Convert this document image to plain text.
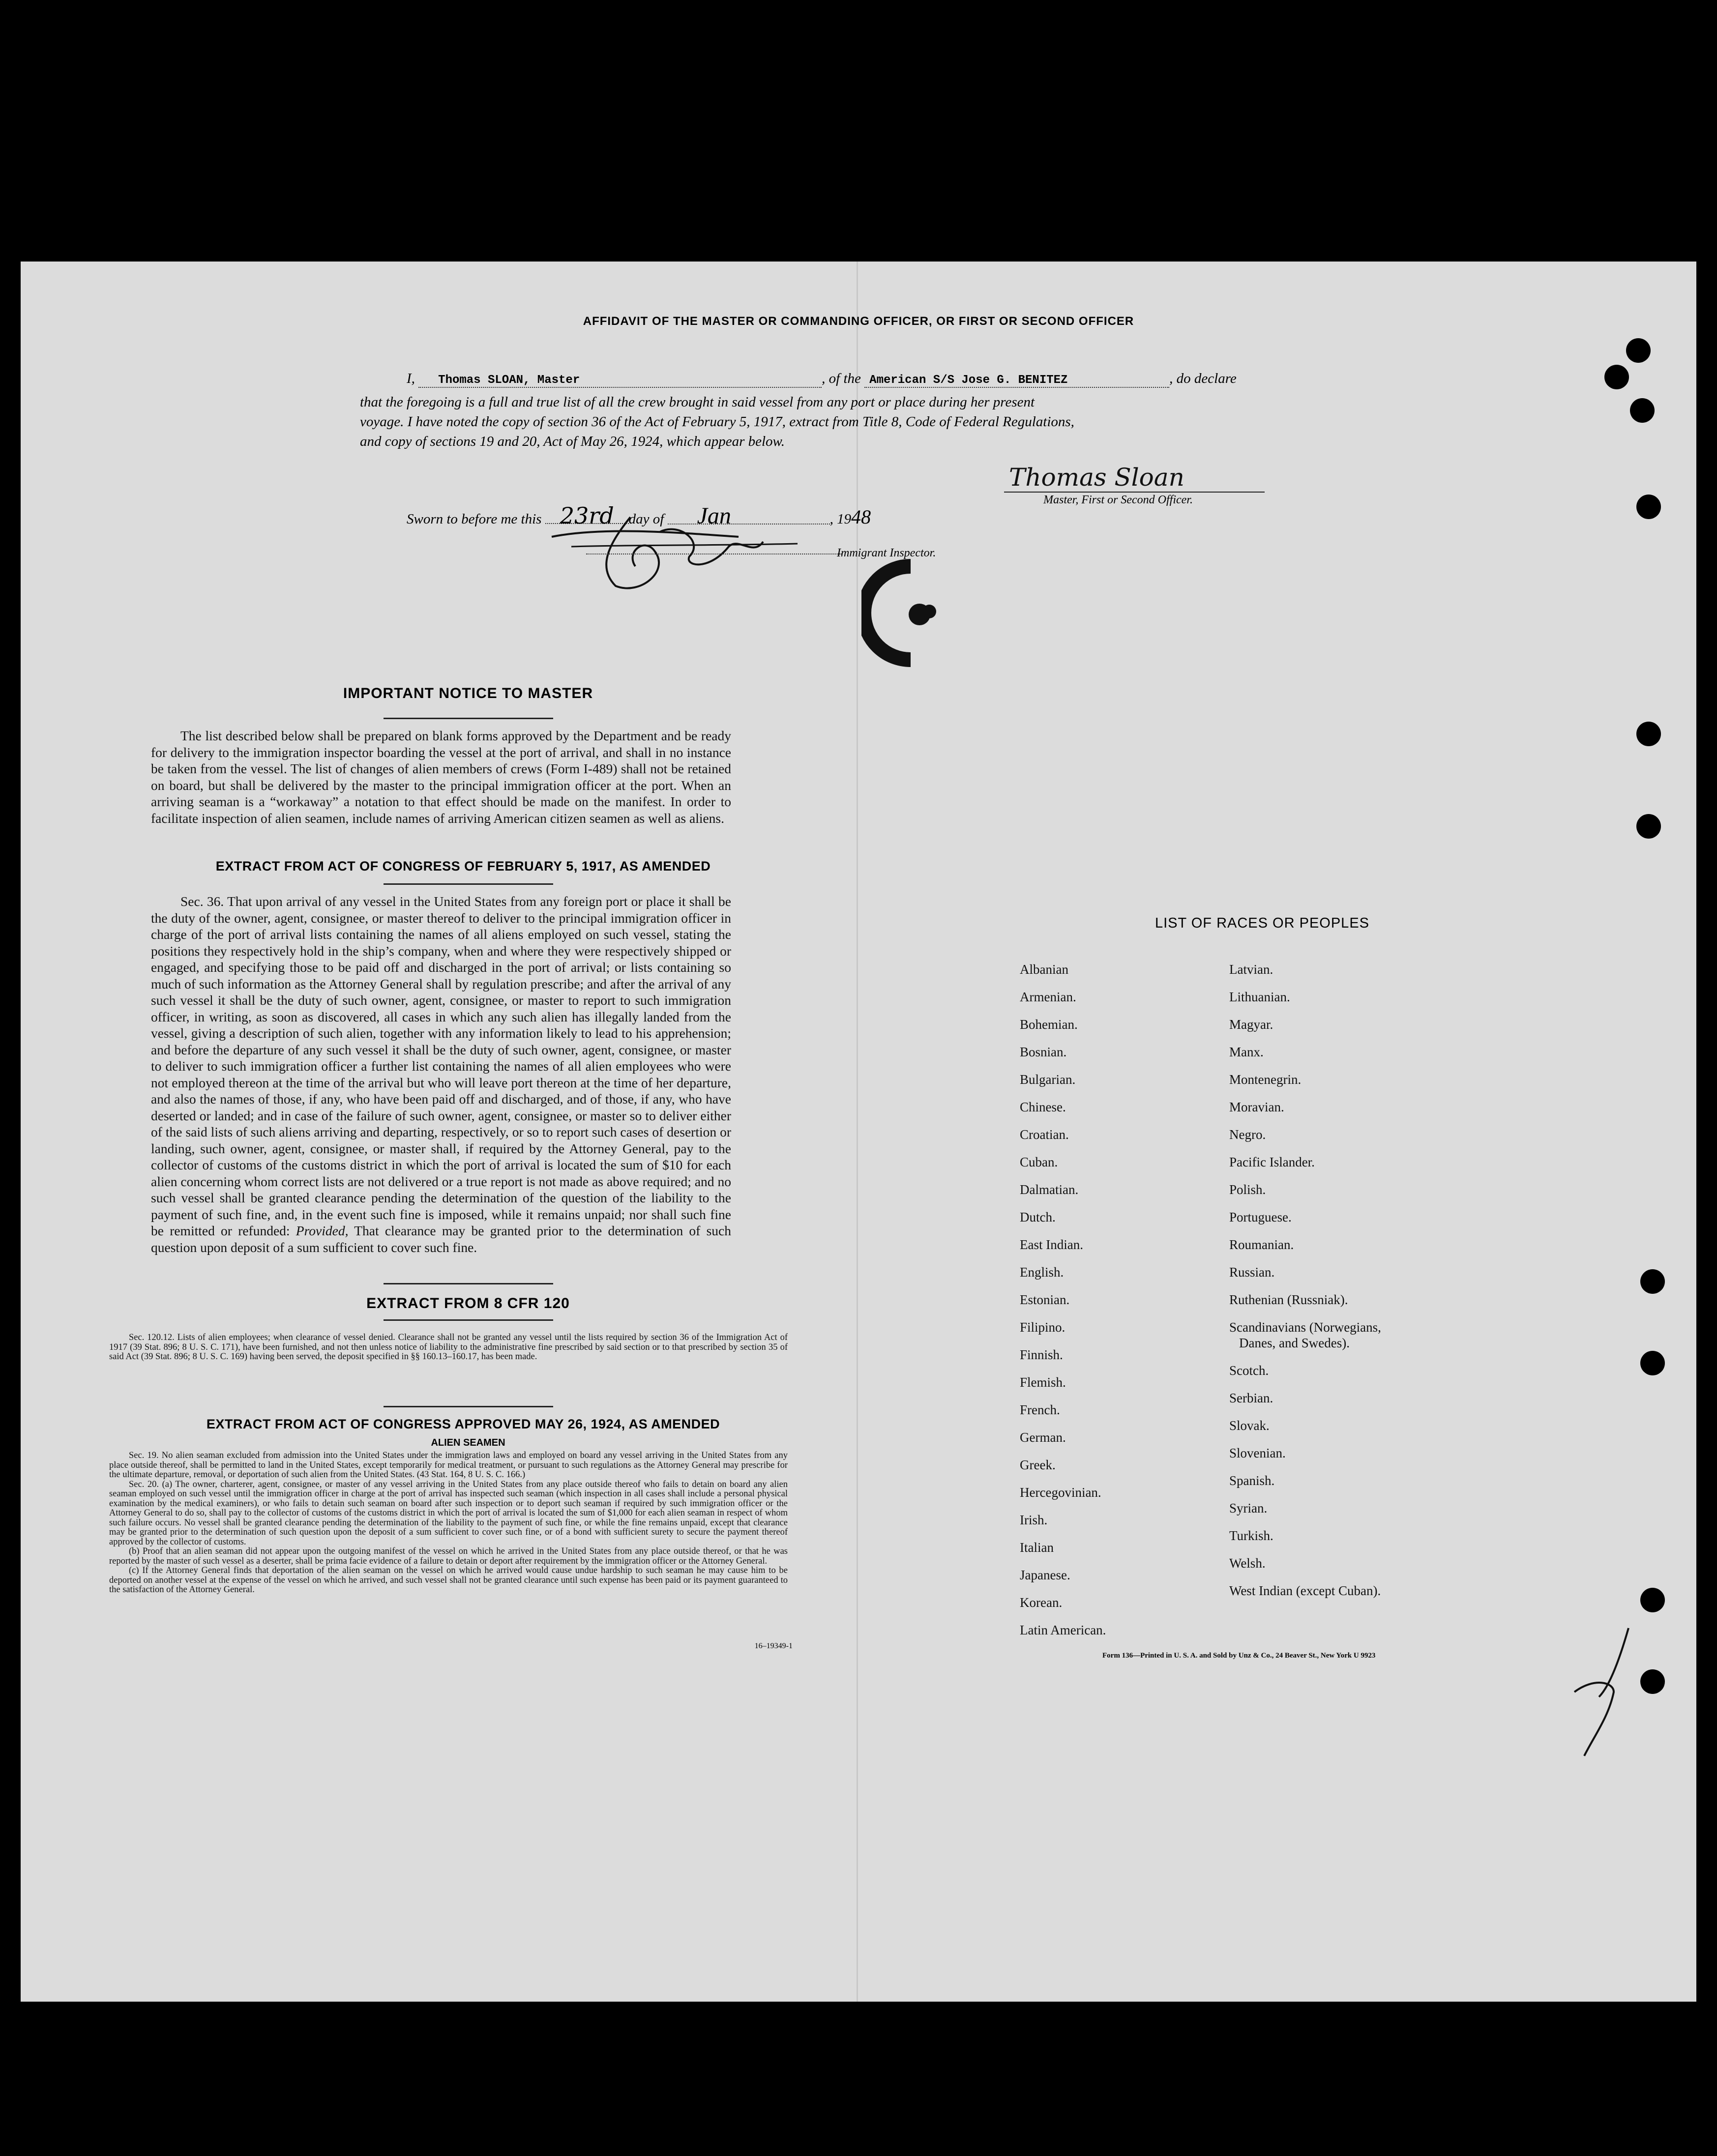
AFFIDAVIT OF THE MASTER OR COMMANDING OFFICER, OR FIRST OR SECOND OFFICER
I, Thomas SLOAN, Master	, of the American S/S Jose G. BENITEZ	, do declare
that the foregoing is a full and true list of all the crew brought in said vessel from any port or place during her present
voyage. I have noted the copy of section 36 of the Act of February 5, 1917, extract from Title 8, Code of Federal Regulations,
and copy of sections 19 and 20, Act of May 26, 1924, which appear below.
Sworn to before me this 23rd day of Jan	, 1948
Thomas Sloan
Master, First or Second Officer.
Immigrant Inspector.
IMPORTANT NOTICE TO MASTER
The list described below shall be prepared on blank forms approved by the Department and be ready for delivery to the immigration inspector boarding the vessel at the port of arrival, and shall in no instance be taken from the vessel. The list of changes of alien members of crews (Form I-489) shall not be retained on board, but shall be delivered by the master to the principal immigration officer at the port. When an arriving seaman is a “workaway” a notation to that effect should be made on the manifest. In order to facilitate inspection of alien seamen, include names of arriving American citizen seamen as well as aliens.
EXTRACT FROM ACT OF CONGRESS OF FEBRUARY 5, 1917, AS AMENDED
Sec. 36. That upon arrival of any vessel in the United States from any foreign port or place it shall be the duty of the owner, agent, consignee, or master thereof to deliver to the principal immigration officer in charge of the port of arrival lists containing the names of all aliens employed on such vessel, stating the positions they respectively hold in the ship’s company, when and where they were respectively shipped or engaged, and specifying those to be paid off and discharged in the port of arrival; or lists containing so much of such information as the Attorney General shall by regulation prescribe; and after the arrival of any such vessel it shall be the duty of such owner, agent, consignee, or master to report to such immigration officer, in writing, as soon as discovered, all cases in which any such alien has illegally landed from the vessel, giving a description of such alien, together with any information likely to lead to his apprehension; and before the departure of any such vessel it shall be the duty of such owner, agent, consignee, or master to deliver to such immigration officer a further list containing the names of all alien employees who were not employed thereon at the time of the arrival but who will leave port thereon at the time of her departure, and also the names of those, if any, who have been paid off and discharged, and of those, if any, who have deserted or landed; and in case of the failure of such owner, agent, consignee, or master so to deliver either of the said lists of such aliens arriving and departing, respectively, or so to report such cases of desertion or landing, such owner, agent, consignee, or master shall, if required by the Attorney General, pay to the collector of customs of the customs district in which the port of arrival is located the sum of $10 for each alien concerning whom correct lists are not delivered or a true report is not made as above required; and no such vessel shall be granted clearance pending the determination of the question of the liability to the payment of such fine, and, in the event such fine is imposed, while it remains unpaid; nor shall such fine be remitted or refunded: Provided, That clearance may be granted prior to the determination of such question upon deposit of a sum sufficient to cover such fine.
EXTRACT FROM 8 CFR 120
Sec. 120.12. Lists of alien employees; when clearance of vessel denied. Clearance shall not be granted any vessel until the lists required by section 36 of the Immigration Act of 1917 (39 Stat. 896; 8 U. S. C. 171), have been furnished, and not then unless notice of liability to the administrative fine prescribed by said section or to that prescribed by section 35 of said Act (39 Stat. 896; 8 U. S. C. 169) having been served, the deposit specified in §§ 160.13–160.17, has been made.
EXTRACT FROM ACT OF CONGRESS APPROVED MAY 26, 1924, AS AMENDED
ALIEN SEAMEN
Sec. 19. No alien seaman excluded from admission into the United States under the immigration laws and employed on board any vessel arriving in the United States from any place outside thereof, shall be permitted to land in the United States, except temporarily for medical treatment, or pursuant to such regulations as the Attorney General may prescribe for the ultimate departure, removal, or deportation of such alien from the United States. (43 Stat. 164, 8 U. S. C. 166.)
Sec. 20. (a) The owner, charterer, agent, consignee, or master of any vessel arriving in the United States from any place outside thereof who fails to detain on board any alien seaman employed on such vessel until the immigration officer in charge at the port of arrival has inspected such seaman (which inspection in all cases shall include a personal physical examination by the medical examiners), or who fails to detain such seaman on board after such inspection or to deport such seaman if required by such immigration officer or the Attorney General to do so, shall pay to the collector of customs of the customs district in which the port of arrival is located the sum of $1,000 for each alien seaman in respect of whom such failure occurs. No vessel shall be granted clearance pending the determination of the liability to the payment of such fine, or while the fine remains unpaid, except that clearance may be granted prior to the determination of such question upon the deposit of a sum sufficient to cover such fine, or of a bond with sufficient surety to secure the payment thereof approved by the collector of customs.
(b) Proof that an alien seaman did not appear upon the outgoing manifest of the vessel on which he arrived in the United States from any place outside thereof, or that he was reported by the master of such vessel as a deserter, shall be prima facie evidence of a failure to detain or deport after requirement by the immigration officer or the Attorney General.
(c) If the Attorney General finds that deportation of the alien seaman on the vessel on which he arrived would cause undue hardship to such seaman he may cause him to be deported on another vessel at the expense of the vessel on which he arrived, and such vessel shall not be granted clearance until such expense has been paid or its payment guaranteed to the satisfaction of the Attorney General.
16–19349-1
LIST OF RACES OR PEOPLES
Albanian
Armenian.
Bohemian.
Bosnian.
Bulgarian.
Chinese.
Croatian.
Cuban.
Dalmatian.
Dutch.
East Indian.
English.
Estonian.
Filipino.
Finnish.
Flemish.
French.
German.
Greek.
Hercegovinian.
Irish.
Italian
Japanese.
Korean.
Latin American.
Latvian.
Lithuanian.
Magyar.
Manx.
Montenegrin.
Moravian.
Negro.
Pacific Islander.
Polish.
Portuguese.
Roumanian.
Russian.
Ruthenian (Russniak).
Scandinavians (Norwegians,
Danes, and Swedes).
Scotch.
Serbian.
Slovak.
Slovenian.
Spanish.
Syrian.
Turkish.
Welsh.
West Indian (except Cuban).
Form 136—Printed in U. S. A. and Sold by Unz & Co., 24 Beaver St., New York U 9923
